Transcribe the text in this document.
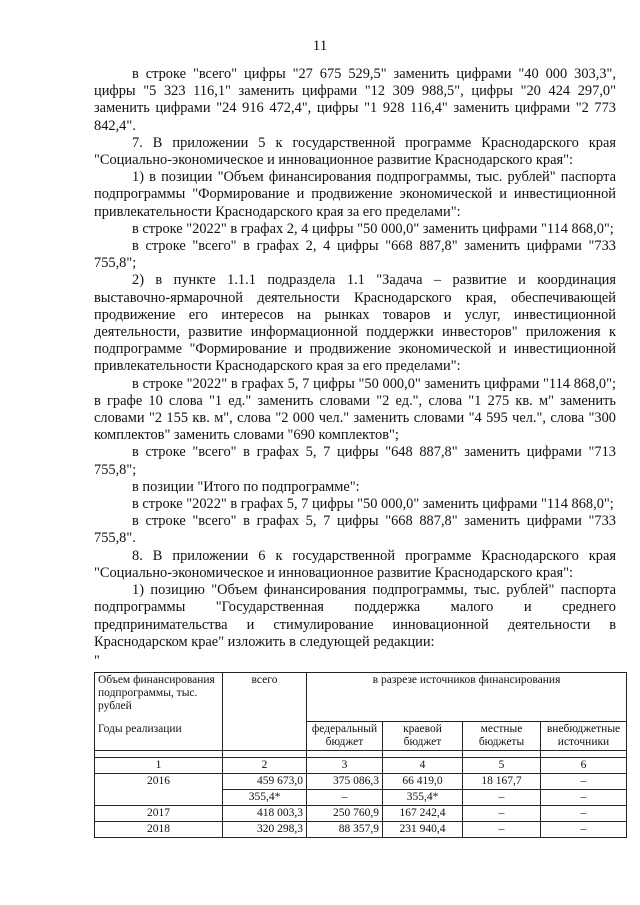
11

в строке "всего" цифры "27 675 529,5" заменить цифрами "40 000 303,3", цифры "5 323 116,1" заменить цифрами "12 309 988,5", цифры "20 424 297,0" заменить цифрами "24 916 472,4", цифры "1 928 116,4" заменить цифрами "2 773 842,4".

7. В приложении 5 к государственной программе Краснодарского края "Социально-экономическое и инновационное развитие Краснодарского края":

1) в позиции "Объем финансирования подпрограммы, тыс. рублей" паспорта подпрограммы "Формирование и продвижение экономической и инвестиционной привлекательности Краснодарского края за его пределами":

в строке "2022" в графах 2, 4 цифры "50 000,0" заменить цифрами "114 868,0";

в строке "всего" в графах 2, 4 цифры "668 887,8" заменить цифрами "733 755,8";

2) в пункте 1.1.1 подраздела 1.1 "Задача – развитие и координация выставочно-ярмарочной деятельности Краснодарского края, обеспечивающей продвижение его интересов на рынках товаров и услуг, инвестиционной деятельности, развитие информационной поддержки инвесторов" приложения к подпрограмме "Формирование и продвижение экономической и инвестиционной привлекательности Краснодарского края за его пределами":

в строке "2022" в графах 5, 7 цифры "50 000,0" заменить цифрами "114 868,0"; в графе 10 слова "1 ед." заменить словами "2 ед.", слова "1 275 кв. м" заменить словами "2 155 кв. м", слова "2 000 чел." заменить словами "4 595 чел.", слова "300 комплектов" заменить словами "690 комплектов";

в строке "всего" в графах 5, 7 цифры "648 887,8" заменить цифрами "713 755,8";

в позиции "Итого по подпрограмме":

в строке "2022" в графах 5, 7 цифры "50 000,0" заменить цифрами "114 868,0";

в строке "всего" в графах 5, 7 цифры "668 887,8" заменить цифрами "733 755,8".

8. В приложении 6 к государственной программе Краснодарского края "Социально-экономическое и инновационное развитие Краснодарского края":

1) позицию "Объем финансирования подпрограммы, тыс. рублей" паспорта подпрограммы "Государственная поддержка малого и среднего предпринимательства и стимулирование инновационной деятельности в Краснодарском крае" изложить в следующей редакции:

"

Объем финансирования подпрограммы, тыс. рублей	всего	в разрезе источников финансирования			
Годы реализации		федеральный бюджет	краевой бюджет	местные бюджеты	внебюджетные источники

1	2	3	4	5	6
2016	459 673,0	375 086,3	66 419,0	18 167,7	–
	355,4*	–	355,4*	–	–
2017	418 003,3	250 760,9	167 242,4	–	–
2018	320 298,3	88 357,9	231 940,4	–	–
